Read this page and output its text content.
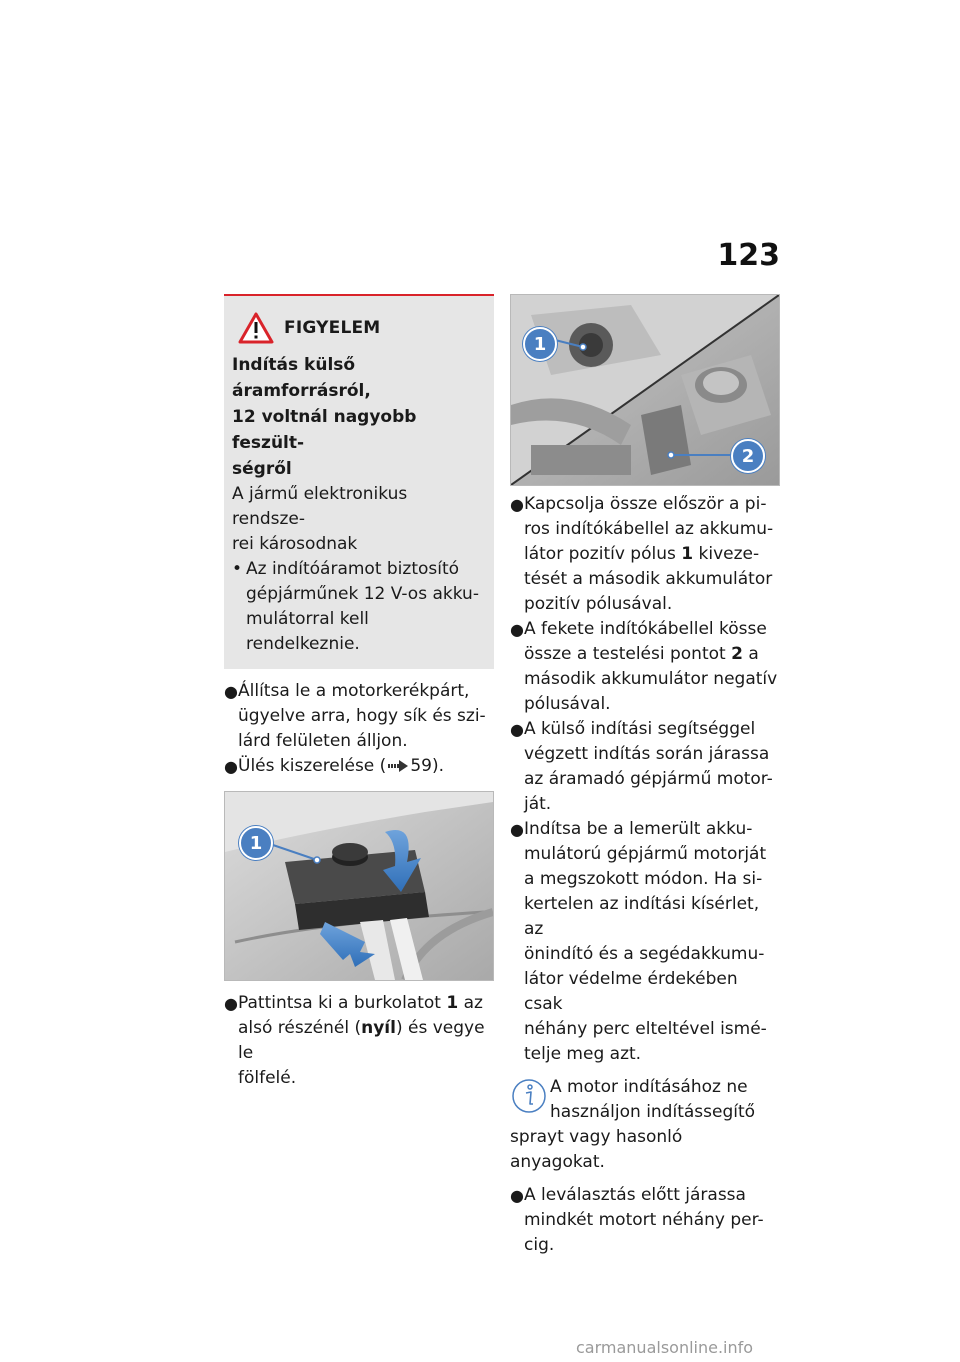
123
FIGYELEM
Indítás külső áramforrásról,
12 voltnál nagyobb feszült-
ségről
A jármű elektronikus rendsze-
rei károsodnak
• Az indítóáramot biztosító
gépjárműnek 12 V-os akku-
mulátorral kell rendelkeznie.
● Állítsa le a motorkerékpárt,
ügyelve arra, hogy sík és szi-
lárd felületen álljon.
● Ülés kiszerelése ( 59).
1
● Pattintsa ki a burkolatot 1 az
alsó részénél (nyíl) és vegye le
fölfelé.
1
2
● Kapcsolja össze először a pi-
ros indítókábellel az akkumu-
látor pozitív pólus 1 kiveze-
tését a második akkumulátor
pozitív pólusával.
● A fekete indítókábellel kösse
össze a testelési pontot 2 a
második akkumulátor negatív
pólusával.
● A külső indítási segítséggel
végzett indítás során járassa
az áramadó gépjármű motor-
ját.
● Indítsa be a lemerült akku-
mulátorú gépjármű motorját
a megszokott módon. Ha si-
kertelen az indítási kísérlet, az
önindító és a segédakkumu-
látor védelme érdekében csak
néhány perc elteltével ismé-
telje meg azt.
A motor indításához ne
használjon indítássegítő
sprayt vagy hasonló anyagokat.
● A leválasztás előtt járassa
mindkét motort néhány per-
cig.
carmanualsonline.info
